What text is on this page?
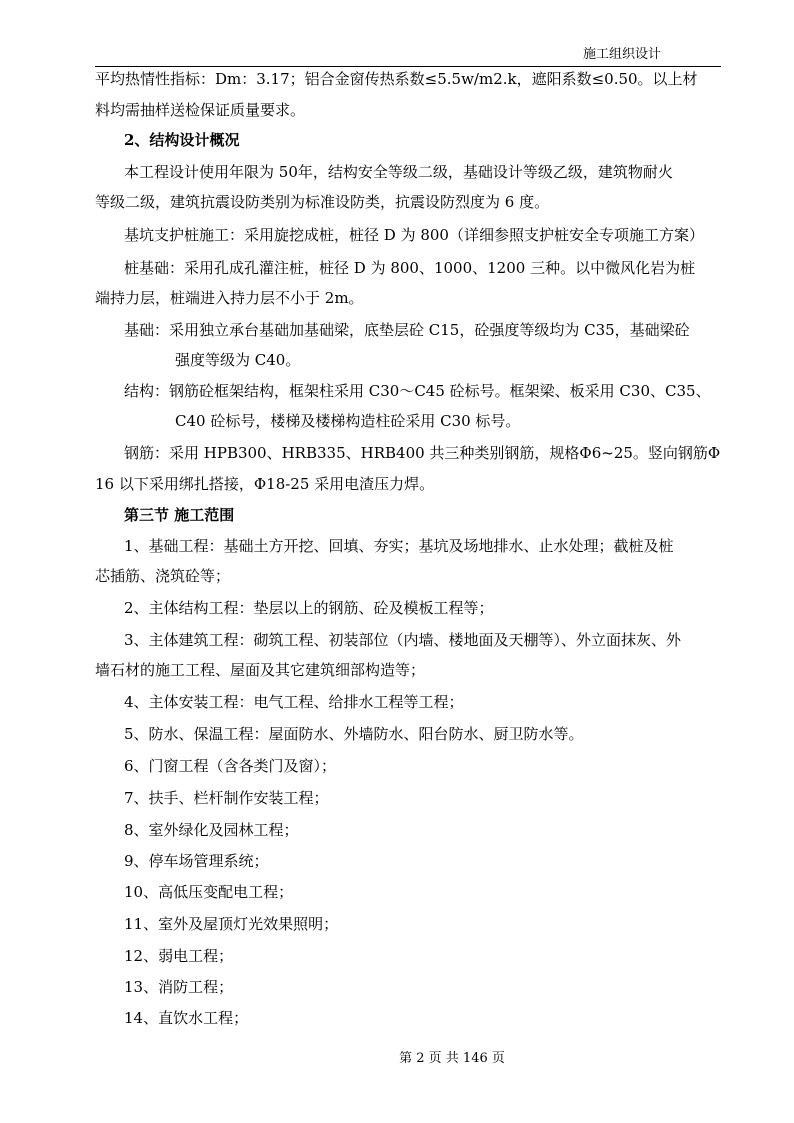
施工组织设计
平均热情性指标：Dm：3.17；铝合金窗传热系数≤5.5w/m2.k，遮阳系数≤0.50。以上材
料均需抽样送检保证质量要求。
2、结构设计概况
本工程设计使用年限为 50年，结构安全等级二级，基础设计等级乙级，建筑物耐火
等级二级，建筑抗震设防类别为标准设防类，抗震设防烈度为 6 度。
基坑支护桩施工：采用旋挖成桩，桩径 D 为 800（详细参照支护桩安全专项施工方案）
桩基础：采用孔成孔灌注桩，桩径 D 为 800、1000、1200 三种。以中微风化岩为桩
端持力层，桩端进入持力层不小于 2m。
基础：采用独立承台基础加基础梁，底垫层砼 C15，砼强度等级均为 C35，基础梁砼
强度等级为 C40。
结构：钢筋砼框架结构，框架柱采用 C30～C45 砼标号。框架梁、板采用 C30、C35、
C40 砼标号，楼梯及楼梯构造柱砼采用 C30 标号。
钢筋：采用 HPB300、HRB335、HRB400 共三种类别钢筋，规格Φ6~25。竖向钢筋Φ
16 以下采用绑扎搭接，Φ18-25 采用电渣压力焊。
第三节 施工范围
1、基础工程：基础土方开挖、回填、夯实；基坑及场地排水、止水处理；截桩及桩
芯插筋、浇筑砼等；
2、主体结构工程：垫层以上的钢筋、砼及模板工程等；
3、主体建筑工程：砌筑工程、初装部位（内墙、楼地面及天棚等）、外立面抹灰、外
墙石材的施工工程、屋面及其它建筑细部构造等；
4、主体安装工程：电气工程、给排水工程等工程；
5、防水、保温工程：屋面防水、外墙防水、阳台防水、厨卫防水等。
6、门窗工程（含各类门及窗）；
7、扶手、栏杆制作安装工程；
8、室外绿化及园林工程；
9、停车场管理系统；
10、高低压变配电工程；
11、室外及屋顶灯光效果照明；
12、弱电工程；
13、消防工程；
14、直饮水工程；
第 2 页 共 146 页
